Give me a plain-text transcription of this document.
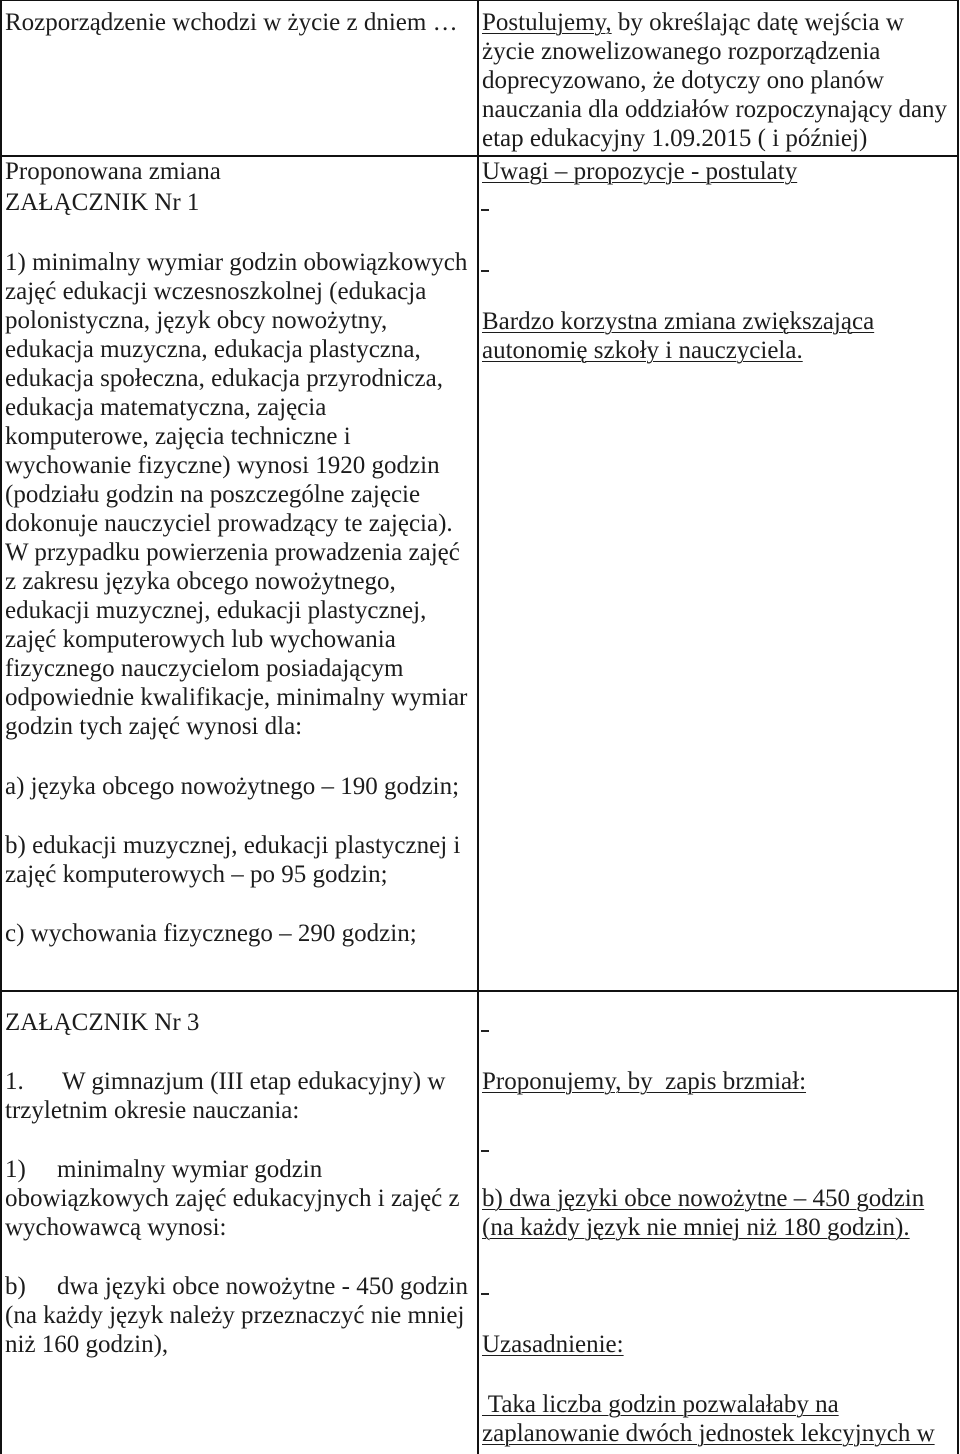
Rozporządzenie wchodzi w życie z dniem … Postulujemy, by określając datę wejścia w
życie znowelizowanego rozporządzenia
doprecyzowano, że dotyczy ono planów
nauczania dla oddziałów rozpoczynający dany
etap edukacyjny 1.09.2015 ( i później)
Proponowana zmiana	Uwagi – propozycje - postulaty
ZAŁĄCZNIK Nr 1
1) minimalny wymiar godzin obowiązkowych
zajęć edukacji wczesnoszkolnej (edukacja
polonistyczna, język obcy nowożytny,
edukacja muzyczna, edukacja plastyczna,
edukacja społeczna, edukacja przyrodnicza,
edukacja matematyczna, zajęcia
komputerowe, zajęcia techniczne i
wychowanie fizyczne) wynosi 1920 godzin
(podziału godzin na poszczególne zajęcie
dokonuje nauczyciel prowadzący te zajęcia).
W przypadku powierzenia prowadzenia zajęć
z zakresu języka obcego nowożytnego,
edukacji muzycznej, edukacji plastycznej,
zajęć komputerowych lub wychowania
fizycznego nauczycielom posiadającym
odpowiednie kwalifikacje, minimalny wymiar
godzin tych zajęć wynosi dla:
a) języka obcego nowożytnego – 190 godzin;
b) edukacji muzycznej, edukacji plastycznej i
zajęć komputerowych – po 95 godzin;
c) wychowania fizycznego – 290 godzin;
Bardzo korzystna zmiana zwiększająca
autonomię szkoły i nauczyciela.
ZAŁĄCZNIK Nr 3
1. W gimnazjum (III etap edukacyjny) w
trzyletnim okresie nauczania:
1) minimalny wymiar godzin
obowiązkowych zajęć edukacyjnych i zajęć z
wychowawcą wynosi:
b) dwa języki obce nowożytne - 450 godzin
(na każdy język należy przeznaczyć nie mniej
niż 160 godzin),
Proponujemy, by  zapis brzmiał:
b) dwa języki obce nowożytne – 450 godzin
(na każdy język nie mniej niż 180 godzin).
Uzasadnienie:
Taka liczba godzin pozwalałaby na
zaplanowanie dwóch jednostek lekcyjnych w
